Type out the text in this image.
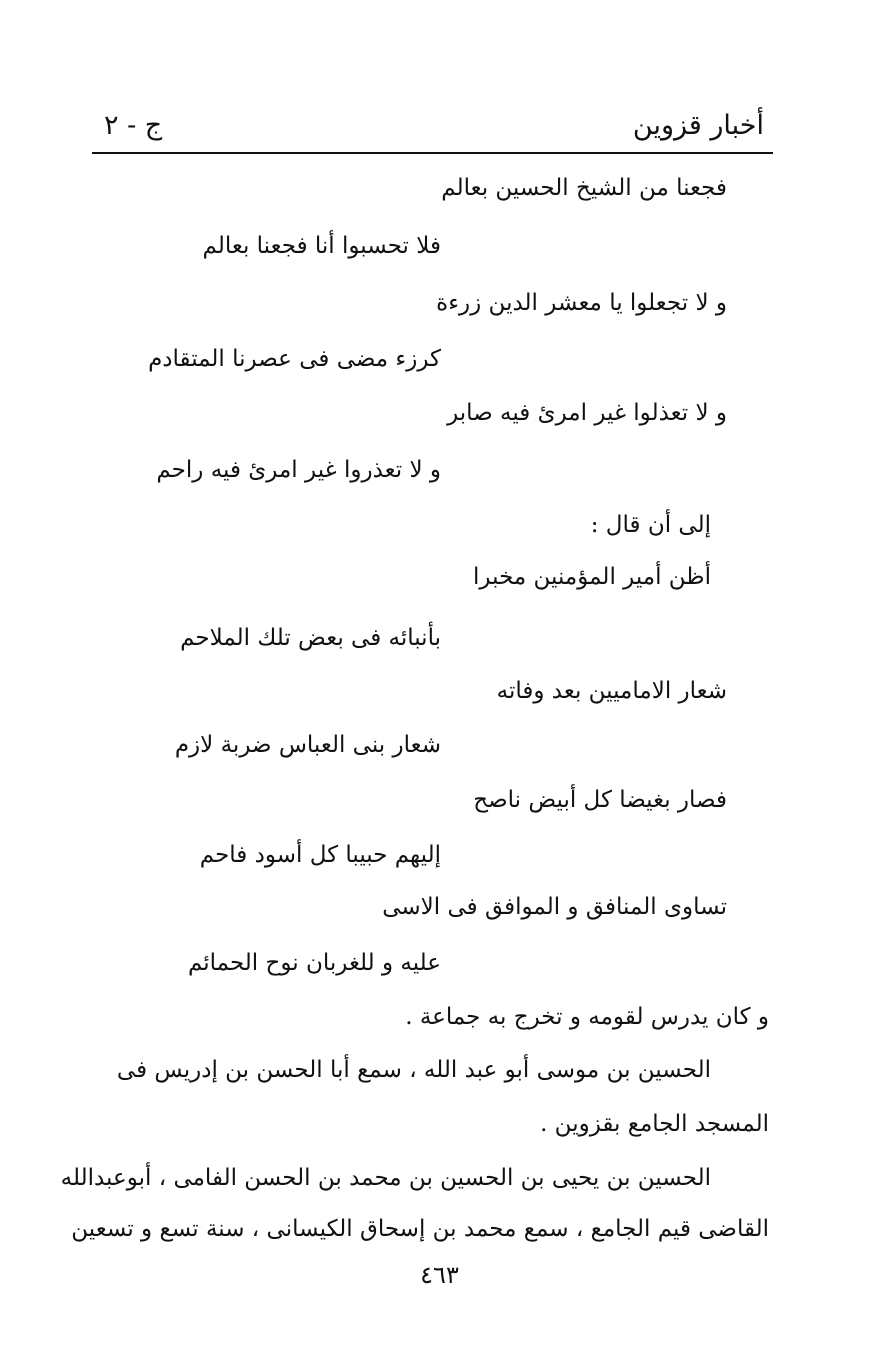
أخبار قزوين
ج - ٢
فجعنا من الشيخ الحسين بعالم
فلا تحسبوا أنا فجعنا بعالم
و لا تجعلوا يا معشر الدين زرءة
كرزء مضى فى عصرنا المتقادم
و لا تعذلوا غير امرئ فيه صابر
و لا تعذروا غير امرئ فيه راحم
إلى أن قال :
أظن أمير المؤمنين مخبرا
بأنبائه فى بعض تلك الملاحم
شعار الاماميين بعد وفاته
شعار بنى العباس ضربة لازم
فصار بغيضا كل أبيض ناصح
إليهم حبيبا كل أسود فاحم
تساوى المنافق و الموافق فى الاسى
عليه و للغربان نوح الحمائم
و كان يدرس لقومه و تخرج به جماعة .
الحسين بن موسى أبو عبد الله ، سمع أبا الحسن بن إدريس فى
المسجد الجامع بقزوين .
الحسين بن يحيى بن الحسين بن محمد بن الحسن الفامى ، أبوعبدالله
القاضى قيم الجامع ، سمع محمد بن إسحاق الكيسانى ، سنة تسع و تسعين
٤٦٣
